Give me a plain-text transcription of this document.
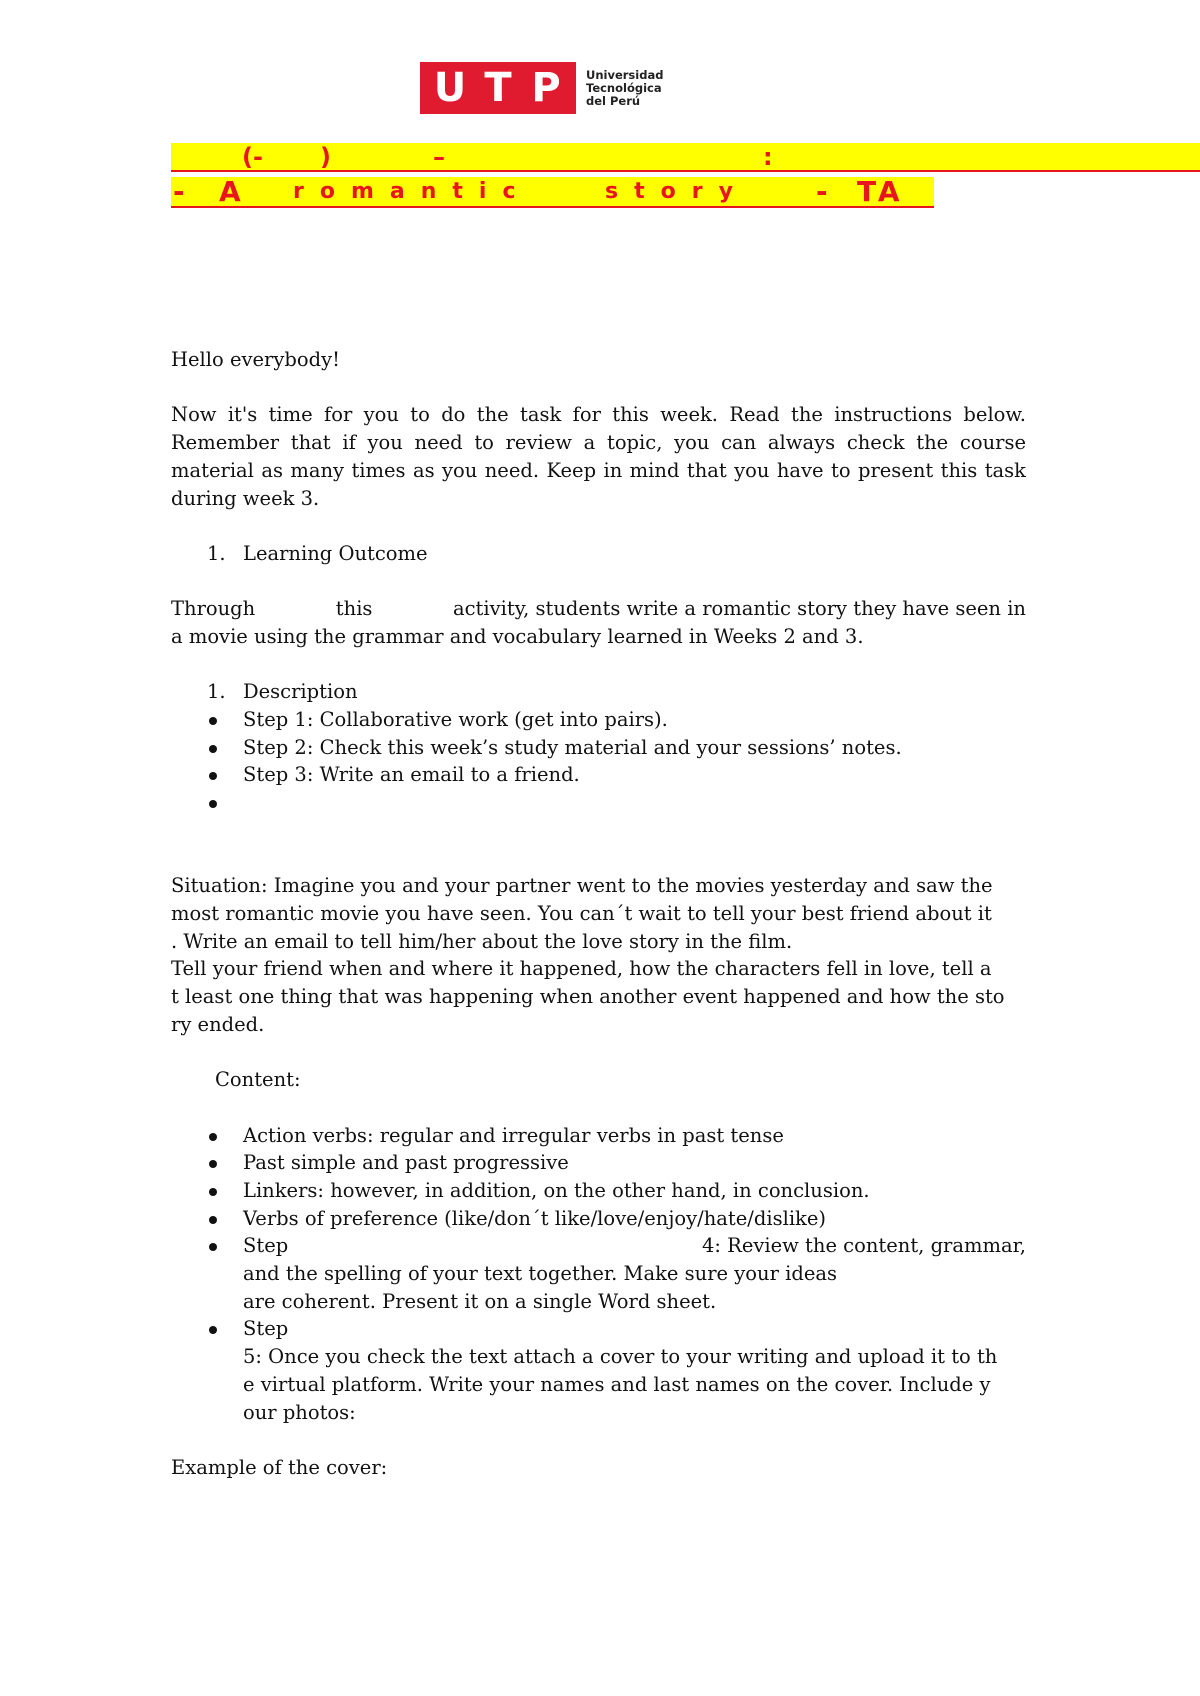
U T P	Universidad
Tecnológica
del Perú
(- )	–	:
- A romantic	story - TA

Hello everybody!

Now it's time for you to do the task for this week. Read the instructions below. Remember that if you need to review a topic, you can always check the course material as many times as you need. Keep in mind that you have to present this task during week 3.

1. Learning Outcome
Through	this	activity, students write a romantic story they have seen in

a movie using the grammar and vocabulary learned in Weeks 2 and 3.

1. Description
Step 1: Collaborative work (get into pairs).
Step 2: Check this week’s study material and your sessions’ notes.
Step 3: Write an email to a friend.

Situation: Imagine you and your partner went to the movies yesterday and saw the

most romantic movie you have seen. You can´t wait to tell your best friend about it

. Write an email to tell him/her about the love story in the film.

Tell your friend when and where it happened, how the characters fell in love, tell a

t least one thing that was happening when another event happened and how the sto

ry ended.

Content:

Action verbs: regular and irregular verbs in past tense
Past simple and past progressive
Linkers: however, in addition, on the other hand, in conclusion.
Verbs of preference (like/don´t like/love/enjoy/hate/dislike)
Step	4: Review the content, grammar,
and the spelling of your text together. Make sure your ideas
are coherent. Present it on a single Word sheet.
Step
5: Once you check the text attach a cover to your writing and upload it to th
e virtual platform. Write your names and last names on the cover. Include y
our photos:

Example of the cover:
